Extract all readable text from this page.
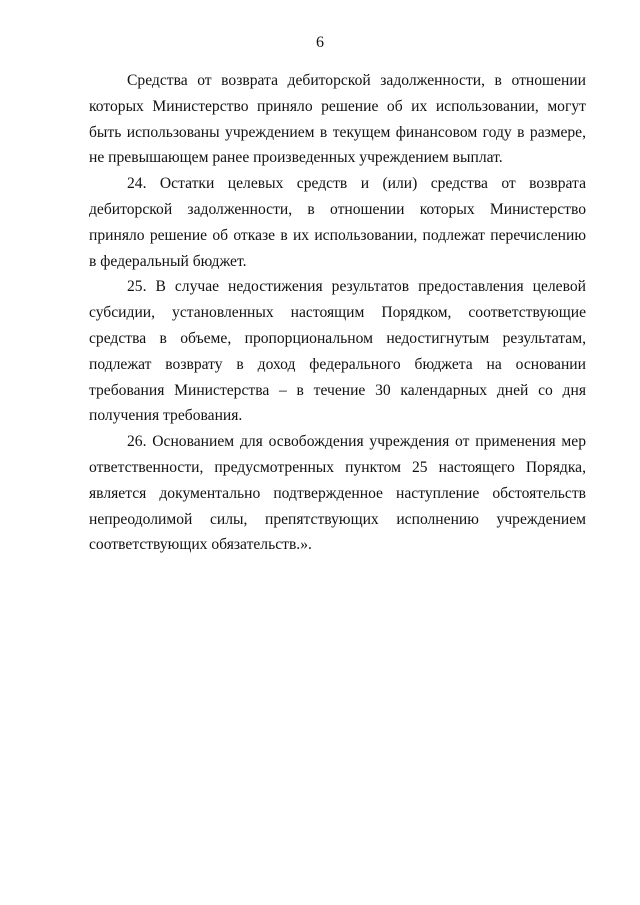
6

Средства от возврата дебиторской задолженности, в отношении которых Министерство приняло решение об их использовании, могут быть использованы учреждением в текущем финансовом году в размере, не превышающем ранее произведенных учреждением выплат.

24. Остатки целевых средств и (или) средства от возврата дебиторской задолженности, в отношении которых Министерство приняло решение об отказе в их использовании, подлежат перечислению в федеральный бюджет.

25. В случае недостижения результатов предоставления целевой субсидии, установленных настоящим Порядком, соответствующие средства в объеме, пропорциональном недостигнутым результатам, подлежат возврату в доход федерального бюджета на основании требования Министерства – в течение 30 календарных дней со дня получения требования.

26. Основанием для освобождения учреждения от применения мер ответственности, предусмотренных пунктом 25 настоящего Порядка, является документально подтвержденное наступление обстоятельств непреодолимой силы, препятствующих исполнению учреждением соответствующих обязательств.».
